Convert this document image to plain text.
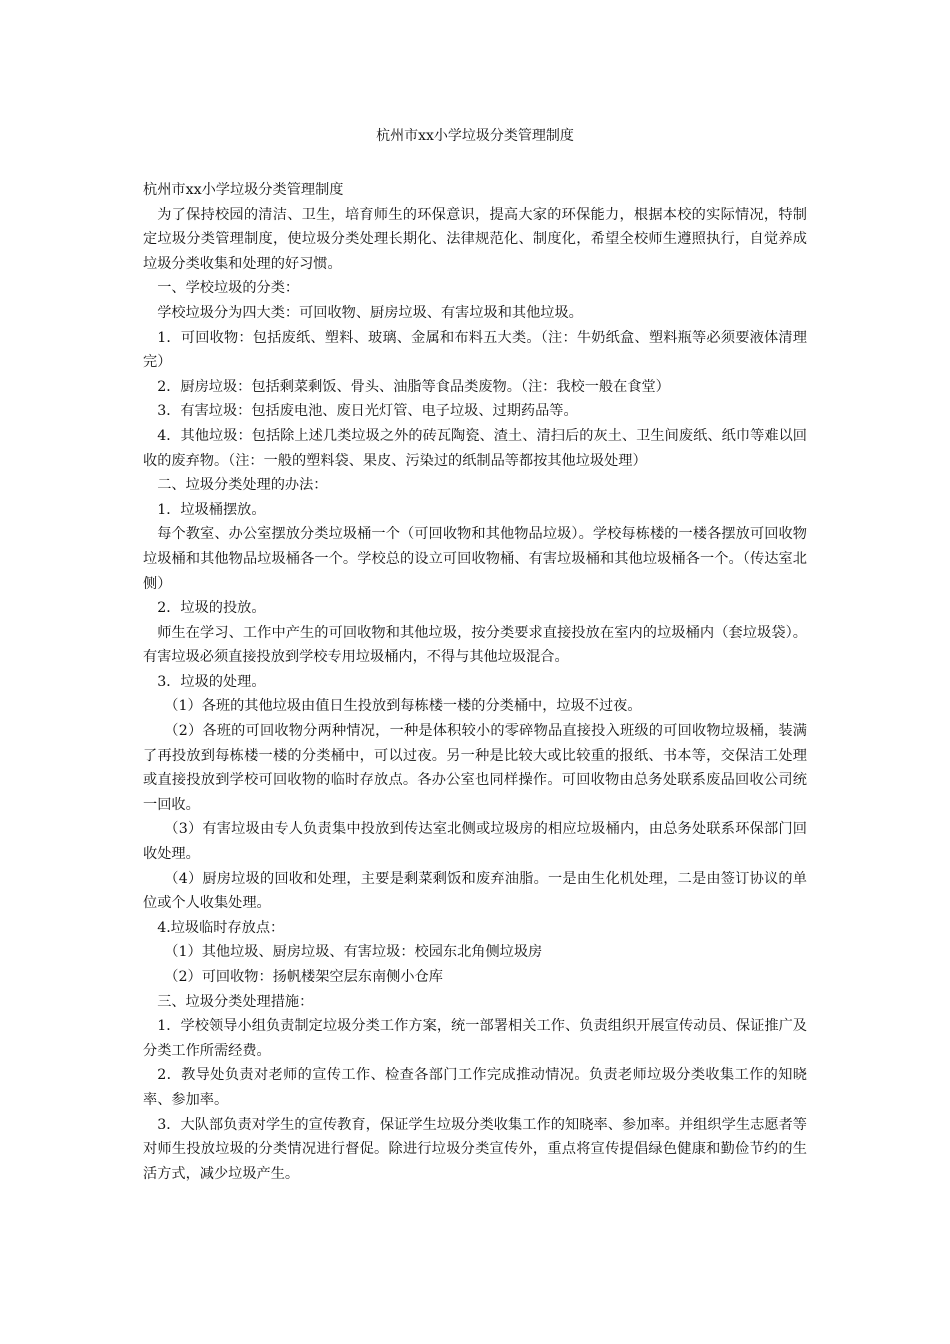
杭州市xx小学垃圾分类管理制度

杭州市xx小学垃圾分类管理制度

为了保持校园的清洁、卫生，培育师生的环保意识，提高大家的环保能力，根据本校的实际情况，特制定垃圾分类管理制度，使垃圾分类处理长期化、法律规范化、制度化，希望全校师生遵照执行，自觉养成垃圾分类收集和处理的好习惯。

一、学校垃圾的分类：

学校垃圾分为四大类：可回收物、厨房垃圾、有害垃圾和其他垃圾。

1．可回收物：包括废纸、塑料、玻璃、金属和布料五大类。（注：牛奶纸盒、塑料瓶等必须要液体清理完）

2．厨房垃圾：包括剩菜剩饭、骨头、油脂等食品类废物。（注：我校一般在食堂）

3．有害垃圾：包括废电池、废日光灯管、电子垃圾、过期药品等。

4．其他垃圾：包括除上述几类垃圾之外的砖瓦陶瓷、渣土、清扫后的灰土、卫生间废纸、纸巾等难以回收的废弃物。（注：一般的塑料袋、果皮、污染过的纸制品等都按其他垃圾处理）

二、垃圾分类处理的办法：

1．垃圾桶摆放。

每个教室、办公室摆放分类垃圾桶一个（可回收物和其他物品垃圾）。学校每栋楼的一楼各摆放可回收物垃圾桶和其他物品垃圾桶各一个。学校总的设立可回收物桶、有害垃圾桶和其他垃圾桶各一个。（传达室北侧）

2．垃圾的投放。

师生在学习、工作中产生的可回收物和其他垃圾，按分类要求直接投放在室内的垃圾桶内（套垃圾袋）。有害垃圾必须直接投放到学校专用垃圾桶内，不得与其他垃圾混合。

3．垃圾的处理。

（1）各班的其他垃圾由值日生投放到每栋楼一楼的分类桶中，垃圾不过夜。

（2）各班的可回收物分两种情况，一种是体积较小的零碎物品直接投入班级的可回收物垃圾桶，装满了再投放到每栋楼一楼的分类桶中，可以过夜。另一种是比较大或比较重的报纸、书本等，交保洁工处理或直接投放到学校可回收物的临时存放点。各办公室也同样操作。可回收物由总务处联系废品回收公司统一回收。

（3）有害垃圾由专人负责集中投放到传达室北侧或垃圾房的相应垃圾桶内，由总务处联系环保部门回收处理。

（4）厨房垃圾的回收和处理，主要是剩菜剩饭和废弃油脂。一是由生化机处理，二是由签订协议的单位或个人收集处理。

4.垃圾临时存放点：

（1）其他垃圾、厨房垃圾、有害垃圾：校园东北角侧垃圾房

（2）可回收物：扬帆楼架空层东南侧小仓库

三、垃圾分类处理措施：

1．学校领导小组负责制定垃圾分类工作方案，统一部署相关工作、负责组织开展宣传动员、保证推广及分类工作所需经费。

2．教导处负责对老师的宣传工作、检查各部门工作完成推动情况。负责老师垃圾分类收集工作的知晓率、参加率。

3．大队部负责对学生的宣传教育，保证学生垃圾分类收集工作的知晓率、参加率。并组织学生志愿者等对师生投放垃圾的分类情况进行督促。除进行垃圾分类宣传外，重点将宣传提倡绿色健康和勤俭节约的生活方式，减少垃圾产生。
